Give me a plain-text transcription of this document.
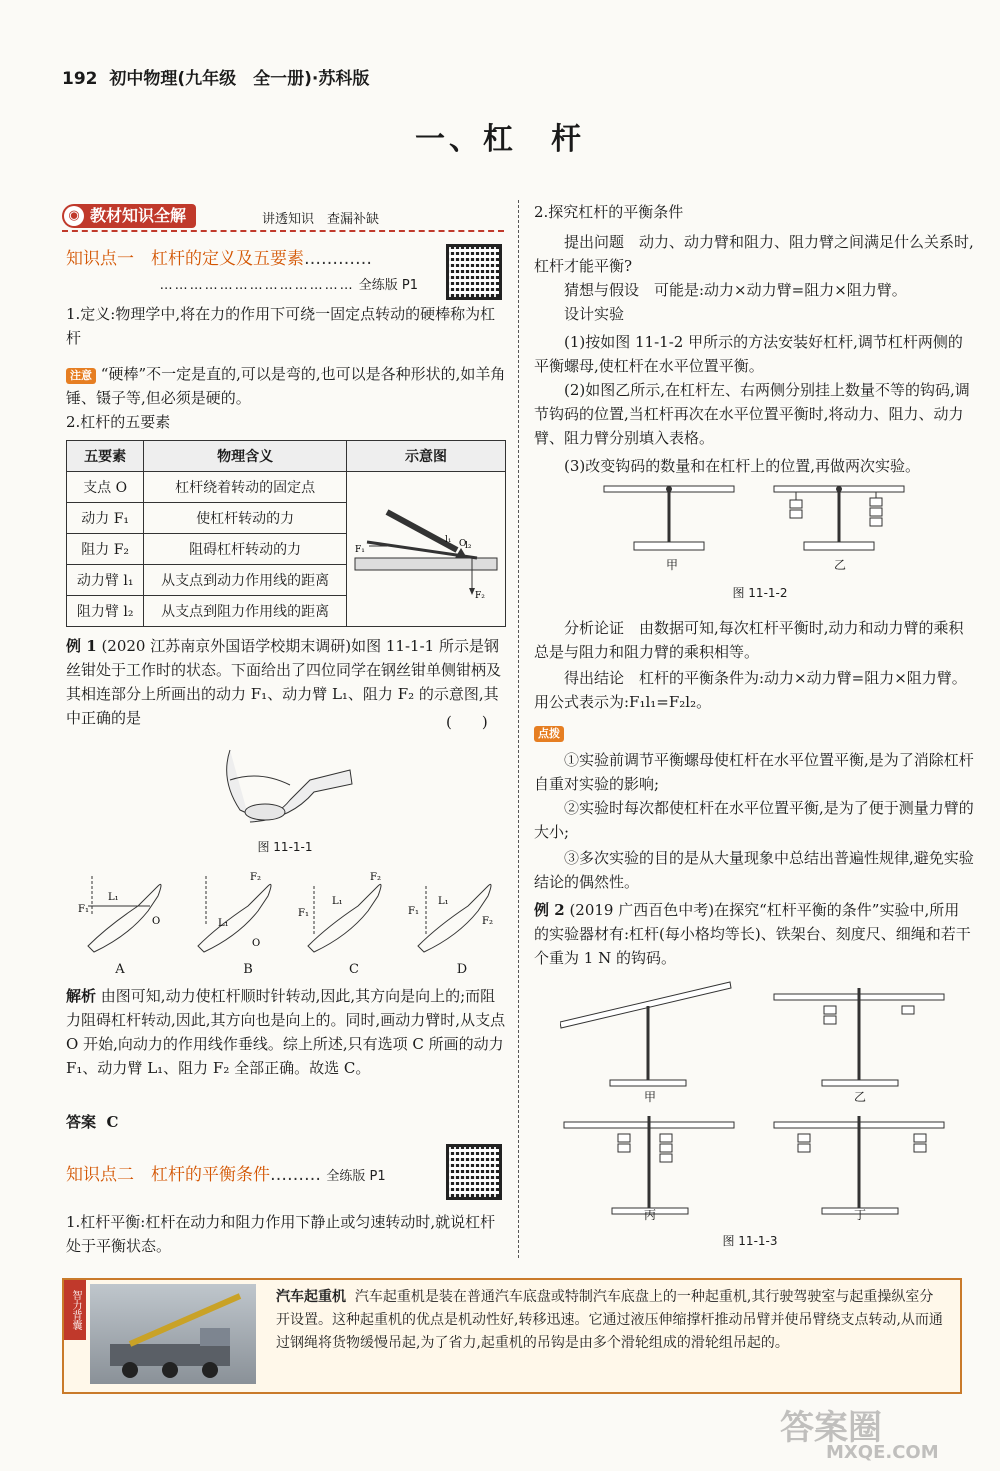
192 初中物理(九年级　全一册)·苏科版
一、杠　杆
教材知识全解
◉	讲透知识　查漏补缺
知识点一　杠杆的定义及五要素…………
………………………………… 全练版 P1
1.定义:物理学中,将在力的作用下可绕一固定点转动的硬棒称为杠杆
注意 “硬棒”不一定是直的,可以是弯的,也可以是各种形状的,如羊角锤、镊子等,但必须是硬的。
2.杠杆的五要素
五要素	物理含义	示意图
支点 O	杠杆绕着转动的固定点	F₁
O
l₁
l₂
F₂

动力 F₁	使杠杆转动的力	
阻力 F₂	阻碍杠杆转动的力	
动力臂 l₁	从支点到动力作用线的距离	
阻力臂 l₂	从支点到阻力作用线的距离	
例 1 (2020 江苏南京外国语学校期末调研)如图 11-1-1 所示是钢丝钳处于工作时的状态。下面给出了四位同学在钢丝钳单侧钳柄及其相连部分上所画出的动力 F₁、动力臂 L₁、阻力 F₂ 的示意图,其中正确的是	(　　)
图 11-1-1
F₁
L₁
O
F₂
L₁
O
F₂
F₁
L₁
F₁
L₁
F₂
A	B	C	D
解析 由图可知,动力使杠杆顺时针转动,因此,其方向是向上的;而阻力阻碍杠杆转动,因此,其方向也是向上的。同时,画动力臂时,从支点 O 开始,向动力的作用线作垂线。综上所述,只有选项 C 所画的动力 F₁、动力臂 L₁、阻力 F₂ 全部正确。故选 C。
答案 C
知识点二　杠杆的平衡条件……… 全练版 P1
1.杠杆平衡:杠杆在动力和阻力作用下静止或匀速转动时,就说杠杆处于平衡状态。
2.探究杠杆的平衡条件
提出问题　动力、动力臂和阻力、阻力臂之间满足什么关系时,杠杆才能平衡?
猜想与假设　可能是:动力×动力臂=阻力×阻力臂。
设计实验
(1)按如图 11-1-2 甲所示的方法安装好杠杆,调节杠杆两侧的平衡螺母,使杠杆在水平位置平衡。
(2)如图乙所示,在杠杆左、右两侧分别挂上数量不等的钩码,调节钩码的位置,当杠杆再次在水平位置平衡时,将动力、阻力、动力臂、阻力臂分别填入表格。
(3)改变钩码的数量和在杠杆上的位置,再做两次实验。
甲	乙
图 11-1-2
分析论证　由数据可知,每次杠杆平衡时,动力和动力臂的乘积总是与阻力和阻力臂的乘积相等。
得出结论　杠杆的平衡条件为:动力×动力臂=阻力×阻力臂。用公式表示为:F₁l₁=F₂l₂。
点拨
①实验前调节平衡螺母使杠杆在水平位置平衡,是为了消除杠杆自重对实验的影响;
②实验时每次都使杠杆在水平位置平衡,是为了便于测量力臂的大小;
③多次实验的目的是从大量现象中总结出普遍性规律,避免实验结论的偶然性。
例 2 (2019 广西百色中考)在探究“杠杆平衡的条件”实验中,所用的实验器材有:杠杆(每小格均等长)、铁架台、刻度尺、细绳和若干个重为 1 N 的钩码。
甲	乙
丙	丁
图 11-1-3
智力背囊	汽车起重机 汽车起重机是装在普通汽车底盘或特制汽车底盘上的一种起重机,其行驶驾驶室与起重操纵室分开设置。这种起重机的优点是机动性好,转移迅速。它通过液压伸缩撑杆推动吊臂并使吊臂绕支点转动,从而通过钢绳将货物缓慢吊起,为了省力,起重机的吊钩是由多个滑轮组成的滑轮组吊起的。
答案圈
MXQE.COM
